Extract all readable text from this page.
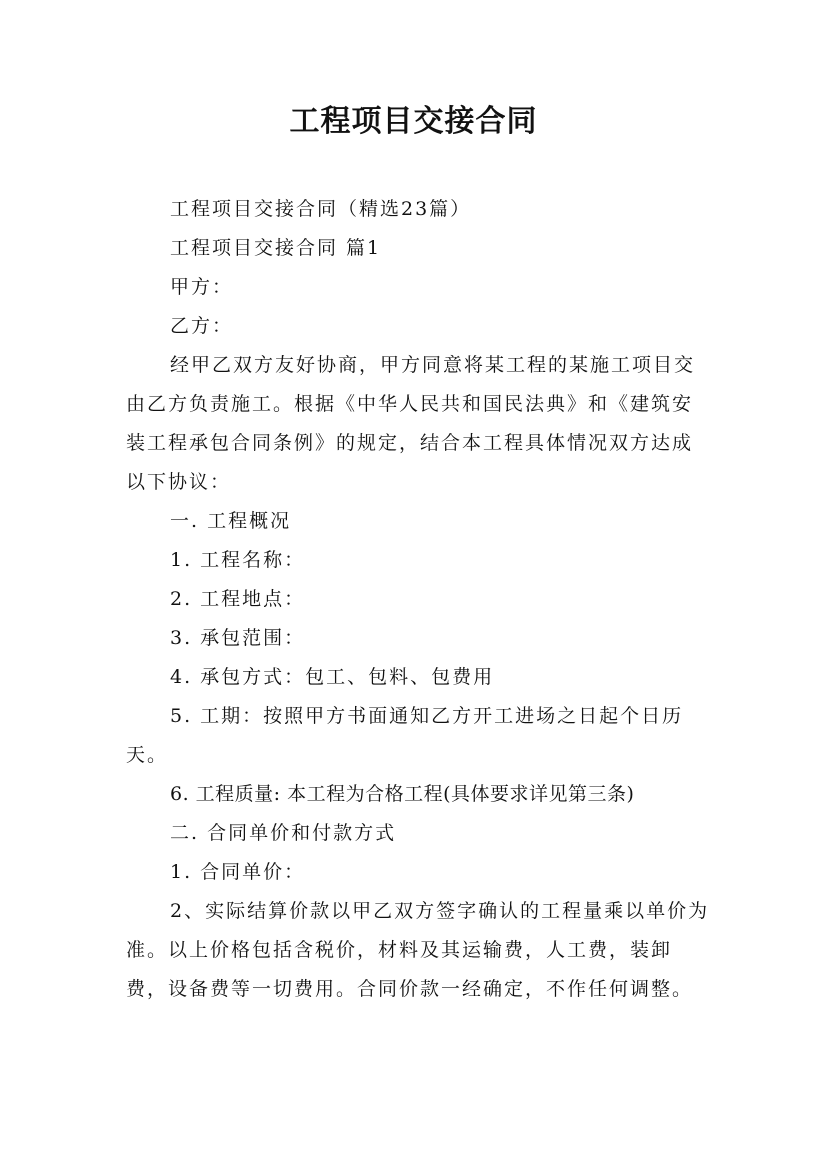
工程项目交接合同

工程项目交接合同（精选23篇）

工程项目交接合同 篇1

甲方：

乙方：

经甲乙双方友好协商，甲方同意将某工程的某施工项目交由乙方负责施工。根据《中华人民共和国民法典》和《建筑安装工程承包合同条例》的规定，结合本工程具体情况双方达成以下协议：

一. 工程概况

1. 工程名称：

2. 工程地点：

3. 承包范围：

4. 承包方式：包工、包料、包费用

5. 工期：按照甲方书面通知乙方开工进场之日起个日历天。

6. 工程质量: 本工程为合格工程(具体要求详见第三条)

二. 合同单价和付款方式

1. 合同单价：

2、实际结算价款以甲乙双方签字确认的工程量乘以单价为准。以上价格包括含税价，材料及其运输费，人工费，装卸费，设备费等一切费用。合同价款一经确定，不作任何调整。
